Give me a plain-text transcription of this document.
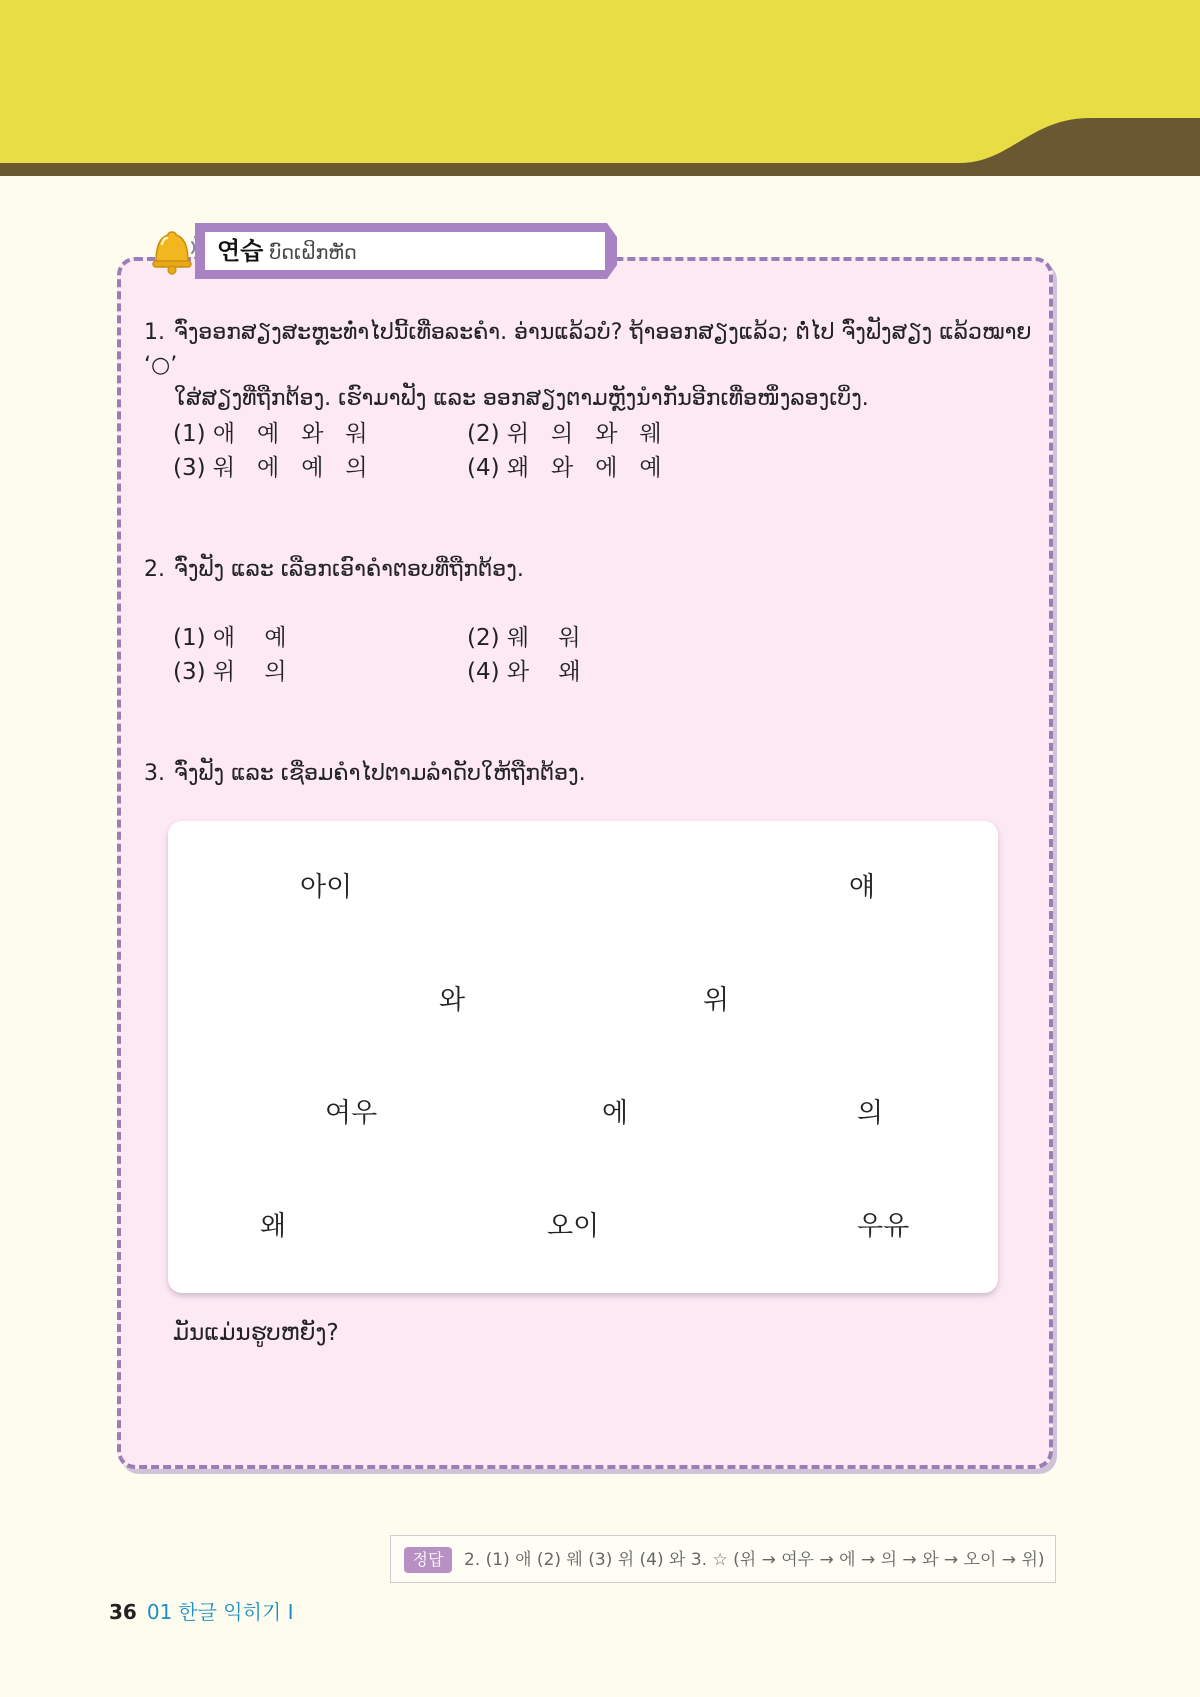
연습 ບົດເຝິກຫັດ
1. ຈົ່ງອອກສຽງສະຫຼະທໍ່າໄປນີ້ເທື່ອລະຄໍາ. ອ່ານແລ້ວບໍ? ຖ້າອອກສຽງແລ້ວ; ຕໍ່ໄປ ຈົ່ງຟັງສຽງ ແລ້ວໝາຍ ‘○’
ໃສ່ສຽງທີ່ຖືກຕ້ອງ. ເຮົາມາຟັງ ແລະ ອອກສຽງຕາມຫຼັງນໍາກັນອີກເທື່ອໜຶ່ງລອງເບິ່ງ.
(1) 애   예   와   워	(2) 위   의   와   웨
(3) 워   에   예   의	(4) 왜   와   에   예
2. ຈົ່ງຟັງ ແລະ ເລືອກເອົາຄໍາຕອບທີ່ຖືກຕ້ອງ.
(1) 애    예	(2) 웨    워
(3) 위    의	(4) 와    왜
3. ຈົ່ງຟັງ ແລະ ເຊື່ອມຄໍາໄປຕາມລໍາດັບໃຫ້ຖືກຕ້ອງ.
아이	얘
와	위
여우	에	의
왜	오이	우유
ມັນແມ່ນຮູບຫຍັງ?
정답	2. (1) 애 (2) 웨 (3) 위 (4) 와 3. ☆ (위 → 여우 → 에 → 의 → 와 → 오이 → 위)
36 01 한글 익히기 Ⅰ
